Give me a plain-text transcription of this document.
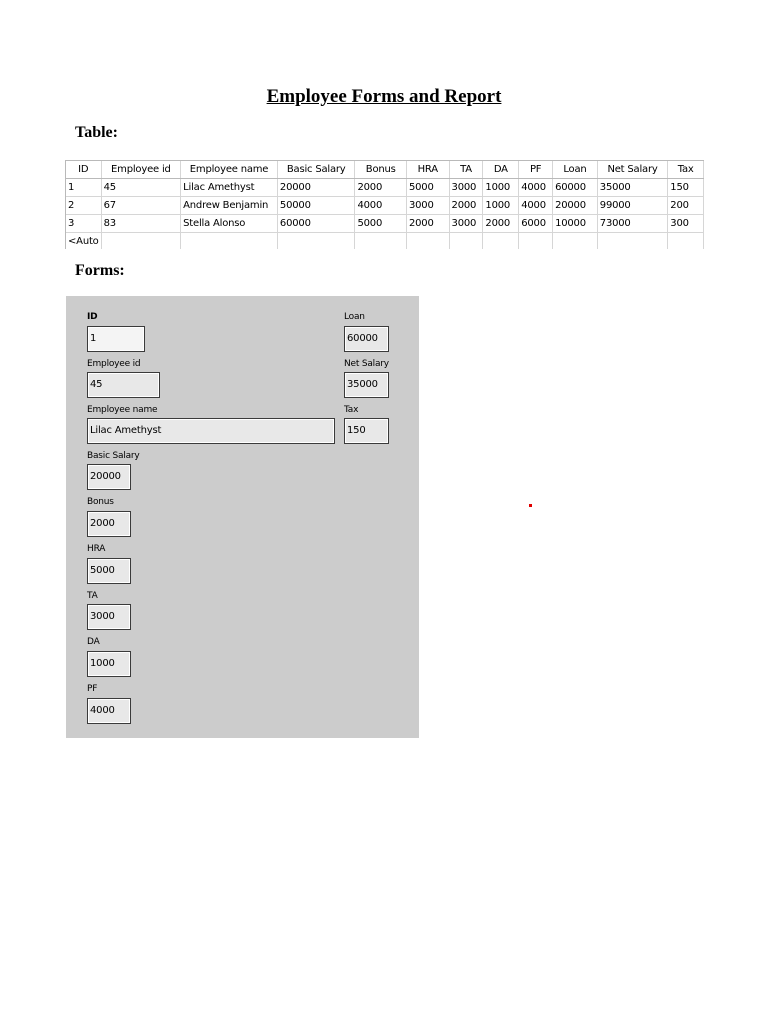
Employee Forms and Report
Table:
ID	Employee id	Employee name	Basic Salary	Bonus	HRA	TA	DA	PF	Loan	Net Salary	Tax
1	45	Lilac Amethyst	20000	2000	5000	3000	1000	4000	60000	35000	150
2	67	Andrew Benjamin	50000	4000	3000	2000	1000	4000	20000	99000	200
3	83	Stella Alonso	60000	5000	2000	3000	2000	6000	10000	73000	300
<Auto											
Forms:
ID
1
Employee id
45
Employee name
Lilac Amethyst
Basic Salary
20000
Bonus
2000
HRA
5000
TA
3000
DA
1000
PF
4000
Loan
60000
Net Salary
35000
Tax
150
